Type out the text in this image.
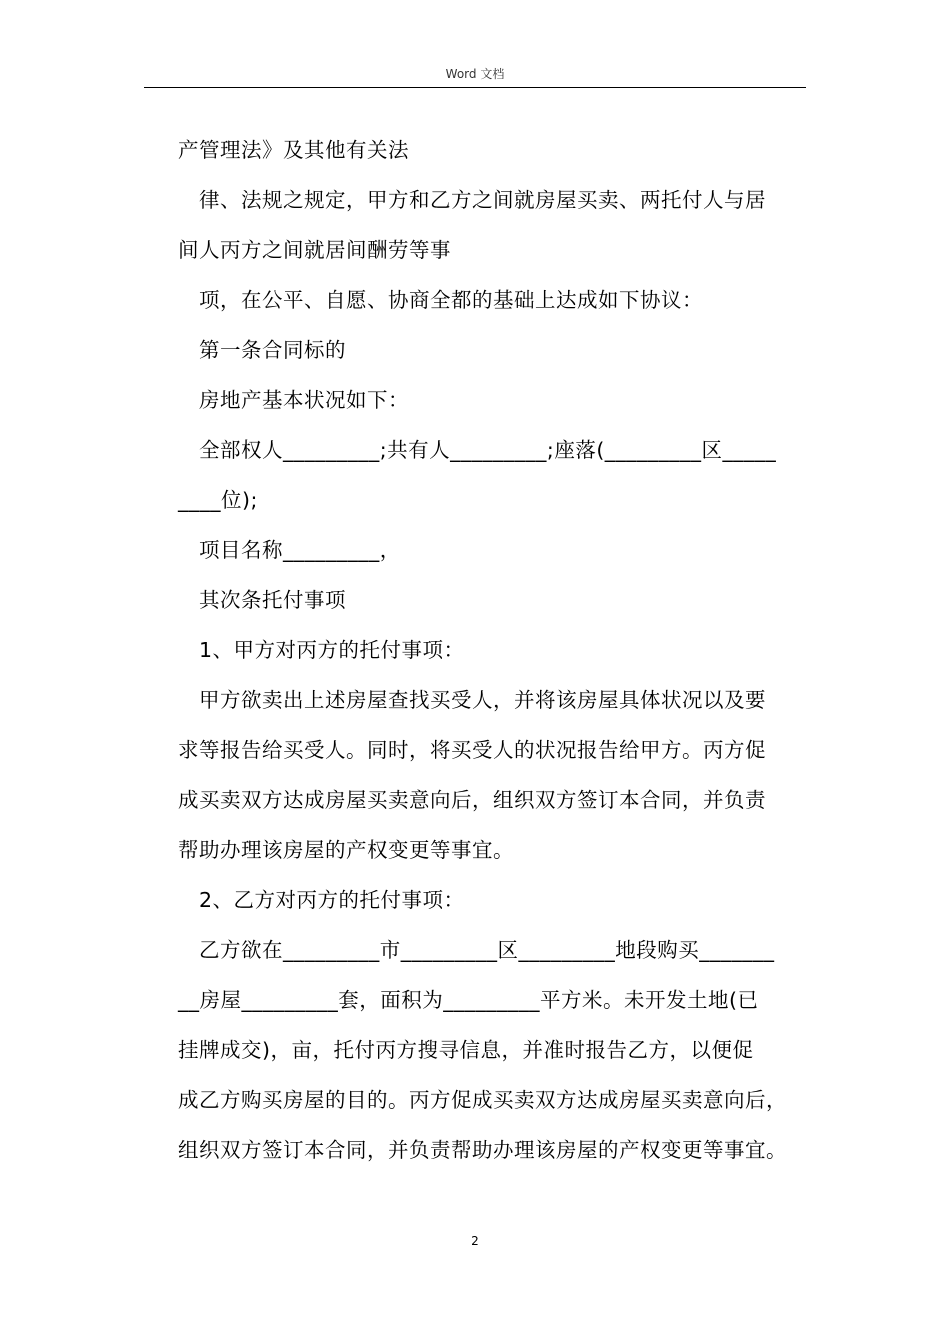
Word 文档
产管理法》及其他有关法
律、法规之规定，甲方和乙方之间就房屋买卖、两托付人与居
间人丙方之间就居间酬劳等事
项，在公平、自愿、协商全都的基础上达成如下协议：
第一条合同标的
房地产基本状况如下：
全部权人_________;共有人_________;座落(_________区_____
____位);
项目名称_________，
其次条托付事项
1、甲方对丙方的托付事项：
甲方欲卖出上述房屋查找买受人，并将该房屋具体状况以及要
求等报告给买受人。同时，将买受人的状况报告给甲方。丙方促
成买卖双方达成房屋买卖意向后，组织双方签订本合同，并负责
帮助办理该房屋的产权变更等事宜。
2、乙方对丙方的托付事项：
乙方欲在_________市_________区_________地段购买_______
__房屋_________套，面积为_________平方米。未开发土地(已
挂牌成交)，亩，托付丙方搜寻信息，并准时报告乙方，以便促
成乙方购买房屋的目的。丙方促成买卖双方达成房屋买卖意向后，
组织双方签订本合同，并负责帮助办理该房屋的产权变更等事宜。
2
